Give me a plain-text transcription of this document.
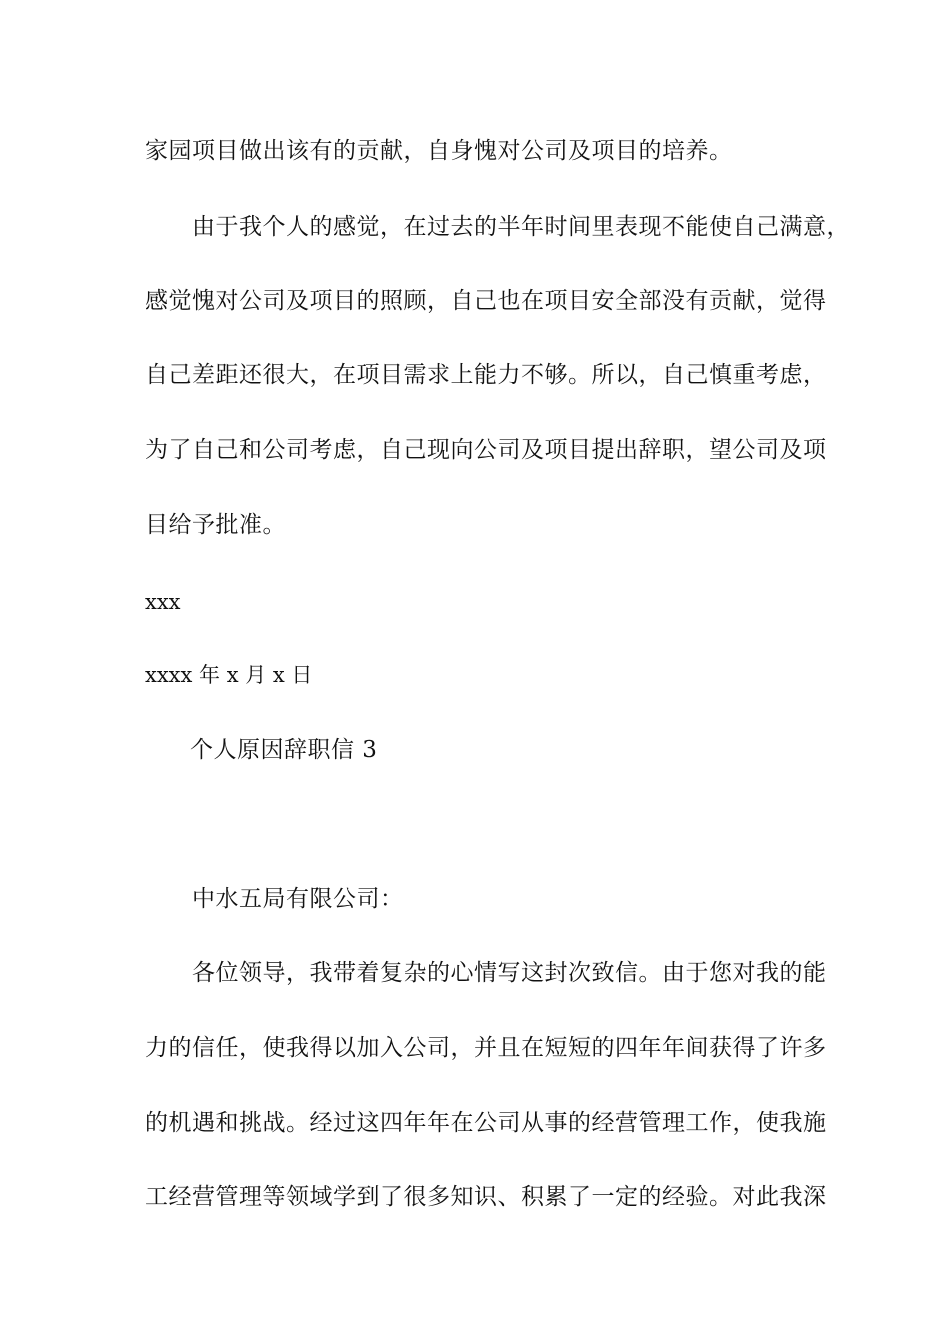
家园项目做出该有的贡献，自身愧对公司及项目的培养。
由于我个人的感觉，在过去的半年时间里表现不能使自己满意，
感觉愧对公司及项目的照顾，自己也在项目安全部没有贡献，觉得
自己差距还很大，在项目需求上能力不够。所以，自己慎重考虑，
为了自己和公司考虑，自己现向公司及项目提出辞职，望公司及项
目给予批准。
xxx
xxxx 年 x 月 x 日
个人原因辞职信 3
中水五局有限公司：
各位领导，我带着复杂的心情写这封次致信。由于您对我的能
力的信任，使我得以加入公司，并且在短短的四年年间获得了许多
的机遇和挑战。经过这四年年在公司从事的经营管理工作，使我施
工经营管理等领域学到了很多知识、积累了一定的经验。对此我深
